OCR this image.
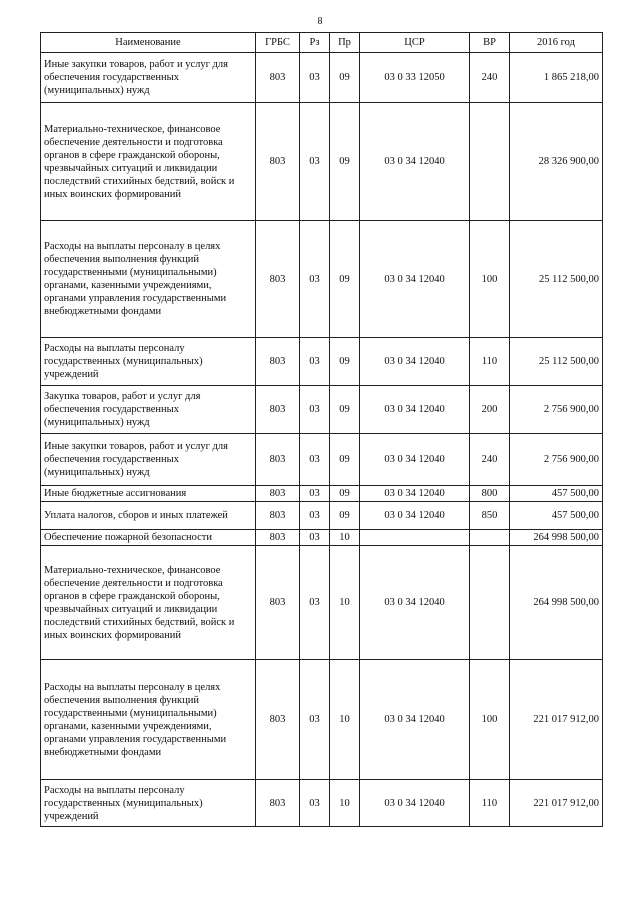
8
Наименование	ГРБС	Рз	Пр	ЦСР	ВР	2016 год
Иные закупки товаров, работ и услуг для обеспечения государственных (муниципальных) нужд	803	03	09	03 0 33 12050	240	1 865 218,00
Материально-техническое, финансовое обеспечение деятельности и подготовка органов в сфере гражданской обороны, чрезвычайных ситуаций и ликвидации последствий стихийных бедствий, войск и иных воинских формирований	803	03	09	03 0 34 12040		28 326 900,00
Расходы на выплаты персоналу в целях обеспечения выполнения функций государственными (муниципальными) органами, казенными учреждениями, органами управления государственными внебюджетными фондами	803	03	09	03 0 34 12040	100	25 112 500,00
Расходы на выплаты персоналу государственных (муниципальных) учреждений	803	03	09	03 0 34 12040	110	25 112 500,00
Закупка товаров, работ и услуг для обеспечения государственных (муниципальных) нужд	803	03	09	03 0 34 12040	200	2 756 900,00
Иные закупки товаров, работ и услуг для обеспечения государственных (муниципальных) нужд	803	03	09	03 0 34 12040	240	2 756 900,00
Иные бюджетные ассигнования	803	03	09	03 0 34 12040	800	457 500,00
Уплата налогов, сборов и иных платежей	803	03	09	03 0 34 12040	850	457 500,00
Обеспечение пожарной безопасности	803	03	10			264 998 500,00
Материально-техническое, финансовое обеспечение деятельности и подготовка органов в сфере гражданской обороны, чрезвычайных ситуаций и ликвидации последствий стихийных бедствий, войск и иных воинских формирований	803	03	10	03 0 34 12040		264 998 500,00
Расходы на выплаты персоналу в целях обеспечения выполнения функций государственными (муниципальными) органами, казенными учреждениями, органами управления государственными внебюджетными фондами	803	03	10	03 0 34 12040	100	221 017 912,00
Расходы на выплаты персоналу государственных (муниципальных) учреждений	803	03	10	03 0 34 12040	110	221 017 912,00
